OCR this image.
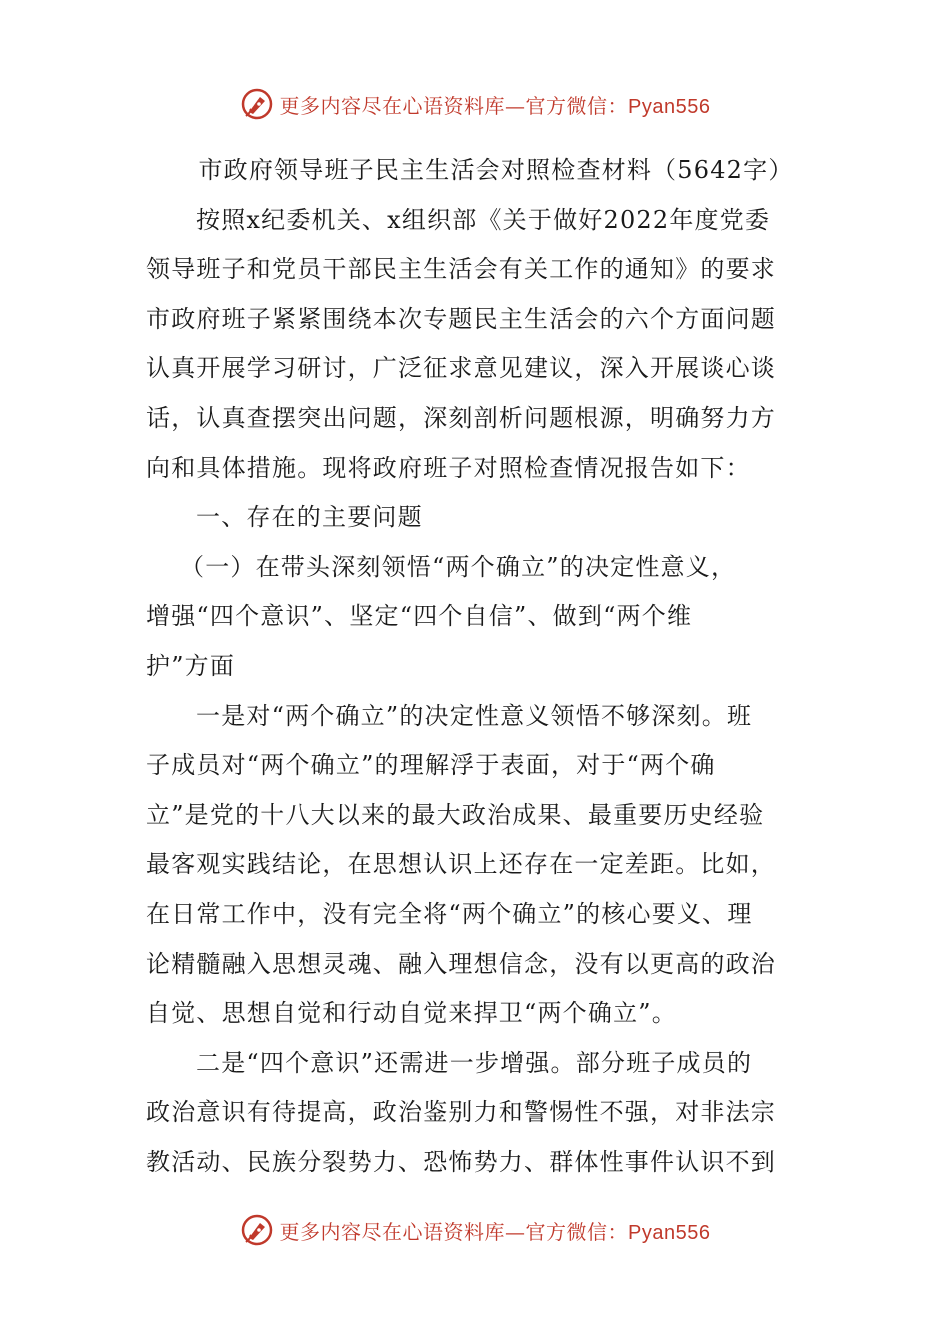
更多内容尽在心语资料库—官方微信：Pyan556
市政府领导班子民主生活会对照检查材料（5642字）
按照x纪委机关、x组织部《关于做好2022年度党委
领导班子和党员干部民主生活会有关工作的通知》的要求
市政府班子紧紧围绕本次专题民主生活会的六个方面问题
认真开展学习研讨，广泛征求意见建议，深入开展谈心谈
话，认真查摆突出问题，深刻剖析问题根源，明确努力方
向和具体措施。现将政府班子对照检查情况报告如下：
一、存在的主要问题
（一）在带头深刻领悟“两个确立”的决定性意义，
增强“四个意识”、坚定“四个自信”、做到“两个维
护”方面
一是对“两个确立”的决定性意义领悟不够深刻。班
子成员对“两个确立”的理解浮于表面，对于“两个确
立”是党的十八大以来的最大政治成果、最重要历史经验
最客观实践结论，在思想认识上还存在一定差距。比如，
在日常工作中，没有完全将“两个确立”的核心要义、理
论精髓融入思想灵魂、融入理想信念，没有以更高的政治
自觉、思想自觉和行动自觉来捍卫“两个确立”。
二是“四个意识”还需进一步增强。部分班子成员的
政治意识有待提高，政治鉴别力和警惕性不强，对非法宗
教活动、民族分裂势力、恐怖势力、群体性事件认识不到
更多内容尽在心语资料库—官方微信：Pyan556
